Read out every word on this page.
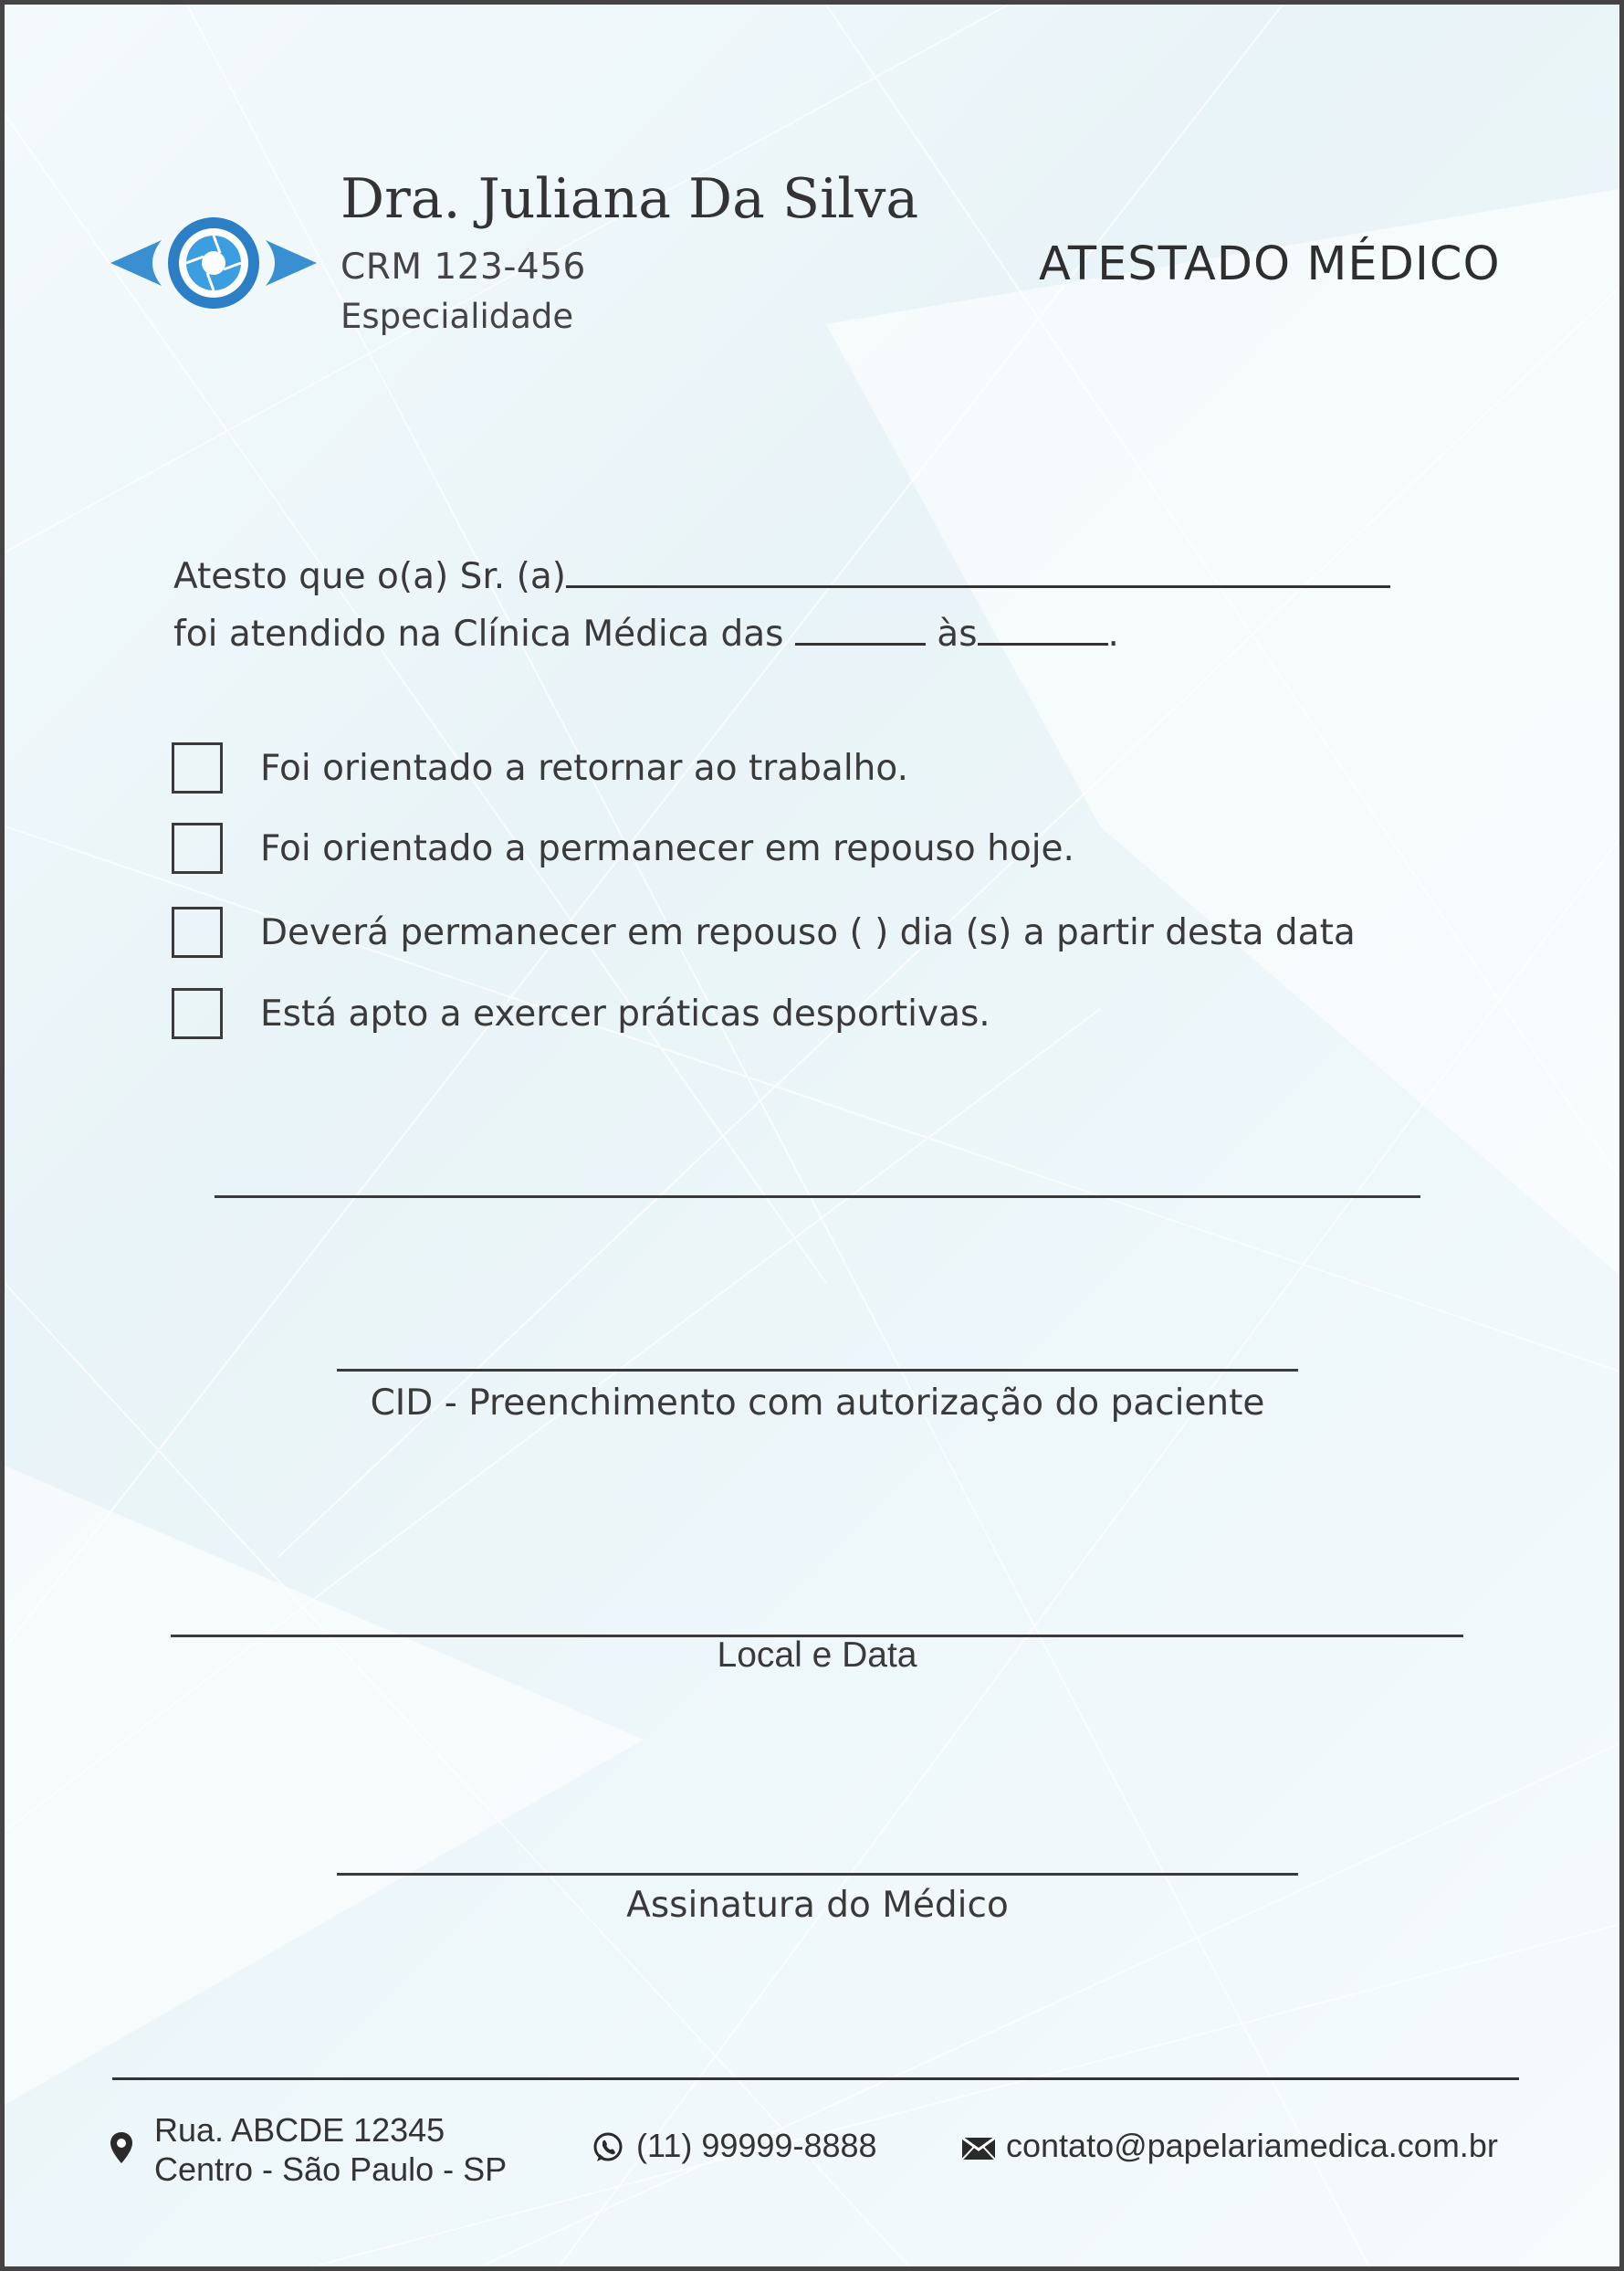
Dra. Juliana Da Silva
CRM 123-456
Especialidade
ATESTADO MÉDICO
Atesto que o(a) Sr. (a)
foi atendido na Clínica Médica das	às	.
Foi orientado a retornar ao trabalho.
Foi orientado a permanecer em repouso hoje.
Deverá permanecer em repouso ( ) dia (s) a partir desta data
Está apto a exercer práticas desportivas.
CID - Preenchimento com autorização do paciente
Local e Data
Assinatura do Médico
Rua. ABCDE 12345
Centro - São Paulo - SP
(11) 99999-8888	contato@papelariamedica.com.br
